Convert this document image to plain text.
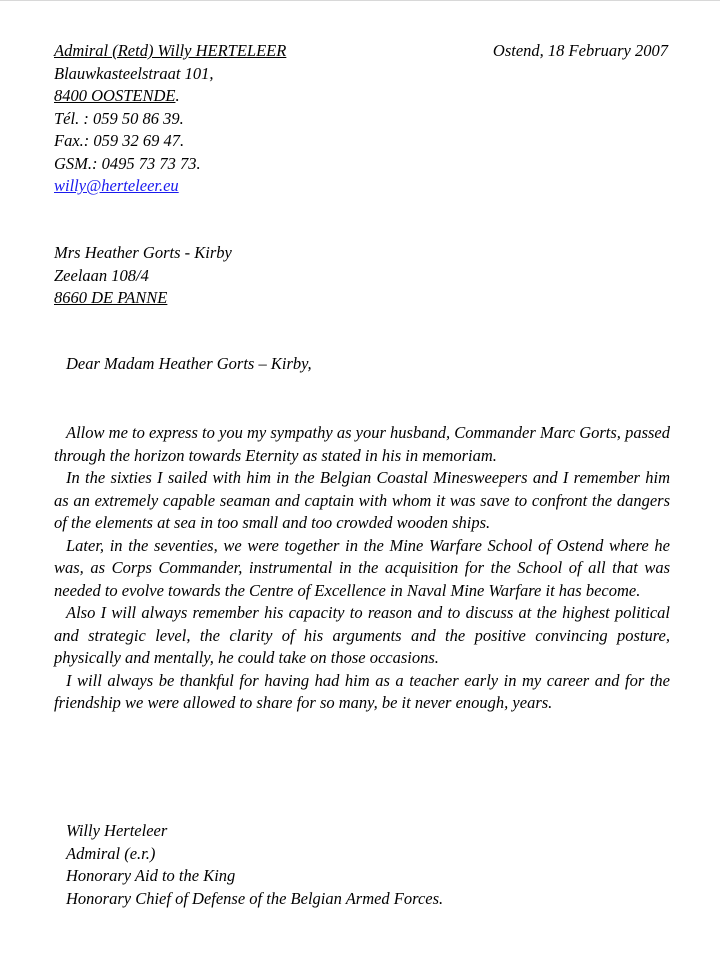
Admiral (Retd) Willy HERTELEER
Blauwkasteelstraat 101,
8400 OOSTENDE.
Tél. : 059 50 86 39.
Fax.: 059 32 69 47.
GSM.: 0495 73 73 73.
willy@herteleer.eu
Ostend, 18 February 2007
Mrs Heather Gorts - Kirby
Zeelaan 108/4
8660 DE PANNE
Dear Madam Heather Gorts – Kirby,

Allow me to express to you my sympathy as your husband, Commander Marc Gorts, passed through the horizon towards Eternity as stated in his in memoriam.

In the sixties I sailed with him in the Belgian Coastal Minesweepers and I remember him as an extremely capable seaman and captain with whom it was save to confront the dangers of the elements at sea in too small and too crowded wooden ships.

Later, in the seventies, we were together in the Mine Warfare School of Ostend where he was, as Corps Commander, instrumental in the acquisition for the School of all that was needed to evolve towards the Centre of Excellence in Naval Mine Warfare it has become.

Also I will always remember his capacity to reason and to discuss at the highest political and strategic level, the clarity of his arguments and the positive convincing posture, physically and mentally, he could take on those occasions.

I will always be thankful for having had him as a teacher early in my career and for the friendship we were allowed to share for so many, be it never enough, years.

Willy Herteleer
Admiral (e.r.)
Honorary Aid to the King
Honorary Chief of Defense of the Belgian Armed Forces.
